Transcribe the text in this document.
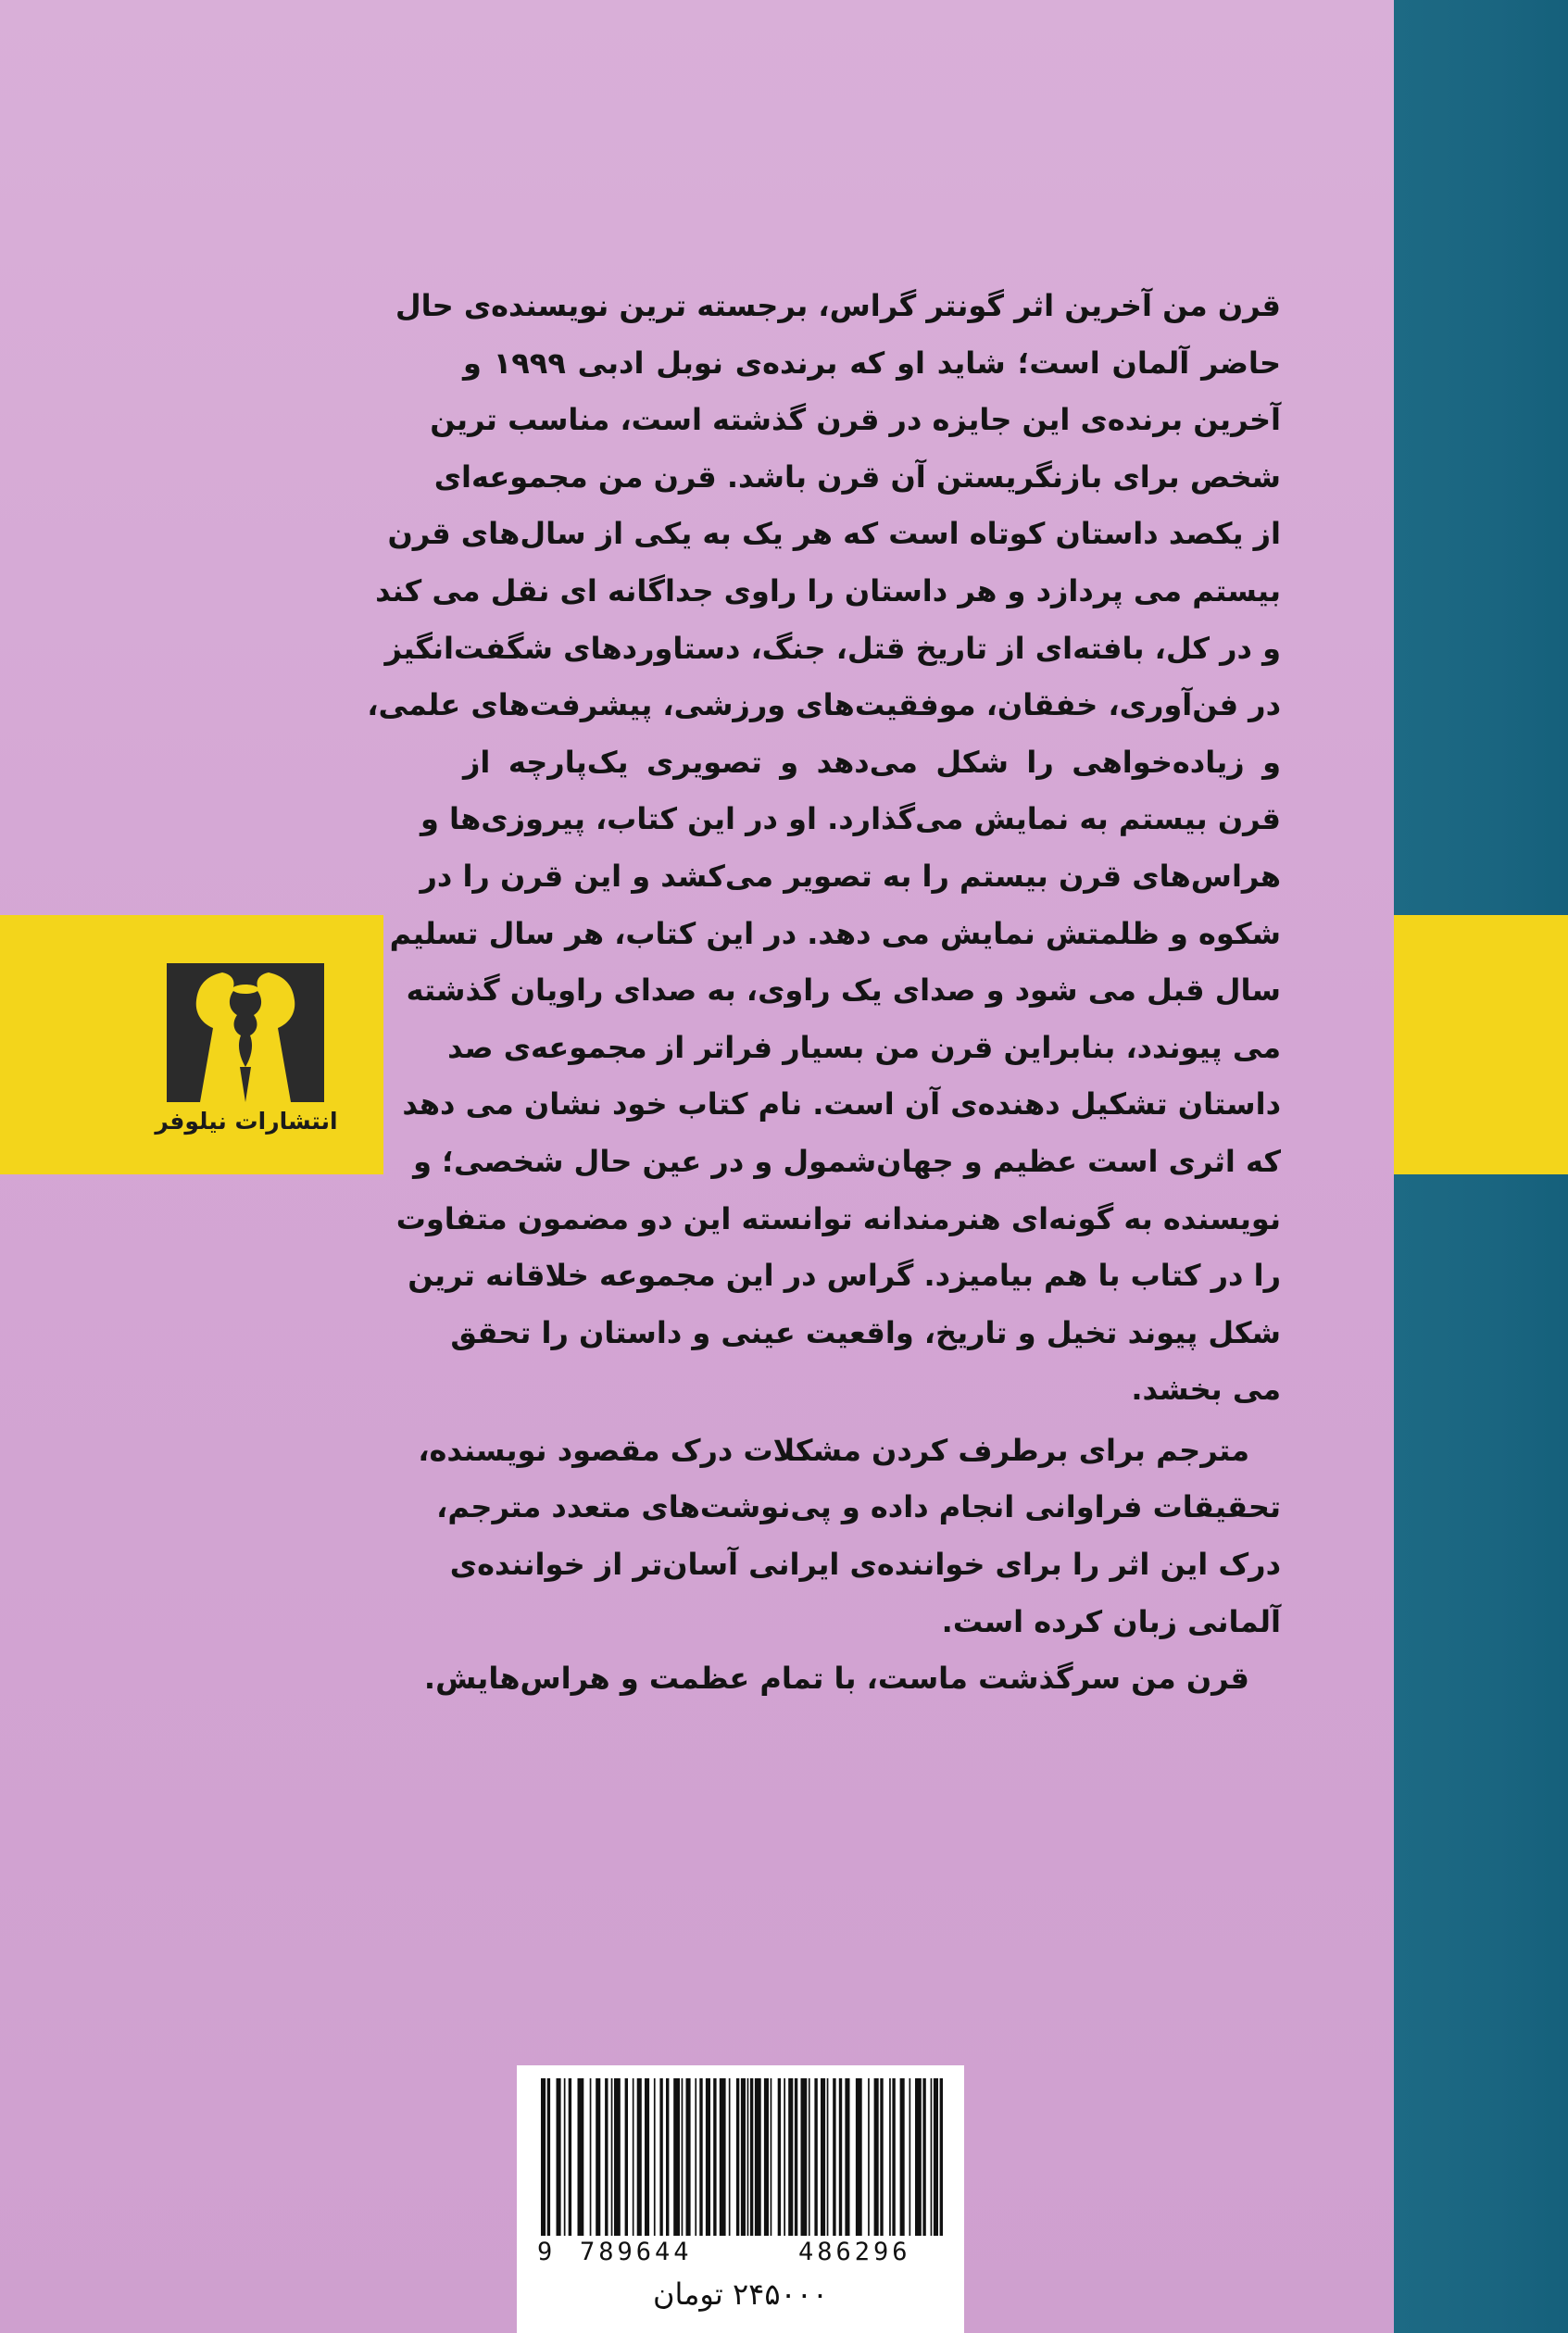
انتشارات نیلوفر
قرن من آخرین اثر گونتر گراس، برجسته ترین نویسنده‌ی حال
حاضر آلمان است؛ شاید او که برنده‌ی نوبل ادبی ۱۹۹۹ و
آخرین برنده‌ی این جایزه در قرن گذشته است، مناسب ترین
شخص برای بازنگریستن آن قرن باشد. قرن من مجموعه‌ای
از یکصد داستان کوتاه است که هر یک به یکی از سال‌های قرن
بیستم می پردازد و هر داستان را راوی جداگانه ای نقل می کند
و در کل، بافته‌ای از تاریخ قتل، جنگ، دستاوردهای شگفت‌انگیز
در فن‌آوری، خفقان، موفقیت‌های ورزشی، پیشرفت‌های علمی،
و زیاده‌خواهی را شکل می‌دهد و تصویری یک‌پارچه از
قرن بیستم به نمایش می‌گذارد. او در این کتاب، پیروزی‌ها و
هراس‌های قرن بیستم را به تصویر می‌کشد و این قرن را در
شکوه و ظلمتش نمایش می دهد. در این کتاب، هر سال تسلیم
سال قبل می شود و صدای یک راوی، به صدای راویان گذشته
می پیوندد، بنابراین قرن من بسیار فراتر از مجموعه‌ی صد
داستان تشکیل دهنده‌ی آن است. نام کتاب خود نشان می دهد
که اثری است عظیم و جهان‌شمول و در عین حال شخصی؛ و
نویسنده به گونه‌ای هنرمندانه توانسته این دو مضمون متفاوت
را در کتاب با هم بیامیزد. گراس در این مجموعه خلاقانه ترین
شکل پیوند تخیل و تاریخ، واقعیت عینی و داستان را تحقق
می بخشد.
مترجم برای برطرف کردن مشکلات درک مقصود نویسنده،
تحقیقات فراوانی انجام داده و پی‌نوشت‌های متعدد مترجم،
درک این اثر را برای خواننده‌ی ایرانی آسان‌تر از خواننده‌ی
آلمانی زبان کرده است.
قرن من سرگذشت ماست، با تمام عظمت و هراس‌هایش.
9 789644	486296
۲۴۵۰۰۰ تومان
